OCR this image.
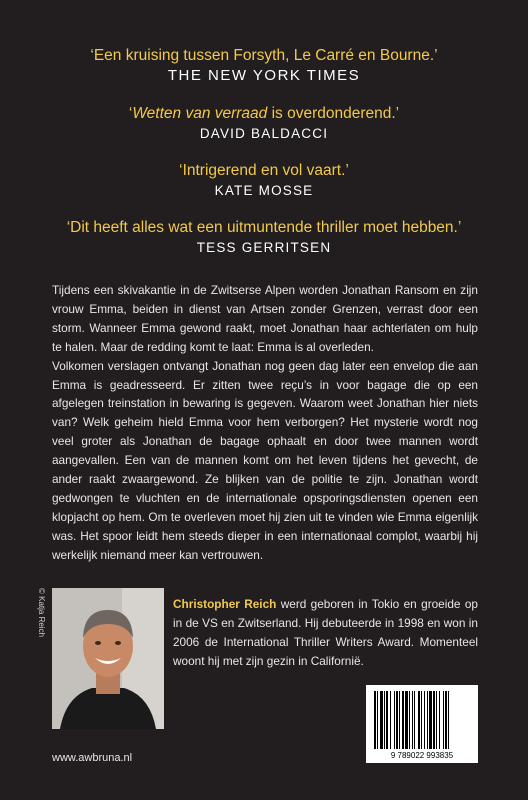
‘Een kruising tussen Forsyth, Le Carré en Bourne.’
THE NEW YORK TIMES
‘Wetten van verraad is overdonderend.’
DAVID BALDACCI
‘Intrigerend en vol vaart.’
KATE MOSSE
‘Dit heeft alles wat een uitmuntende thriller moet hebben.’
TESS GERRITSEN

Tijdens een skivakantie in de Zwitserse Alpen worden Jonathan Ransom en zijn vrouw Emma, beiden in dienst van Artsen zonder Grenzen, verrast door een storm. Wanneer Emma gewond raakt, moet Jonathan haar achterlaten om hulp te halen. Maar de redding komt te laat: Emma is al overleden.

Volkomen verslagen ontvangt Jonathan nog geen dag later een envelop die aan Emma is geadresseerd. Er zitten twee reçu’s in voor bagage die op een afgelegen treinstation in bewaring is gegeven. Waarom weet Jonathan hier niets van? Welk geheim hield Emma voor hem verborgen? Het mysterie wordt nog veel groter als Jonathan de bagage ophaalt en door twee mannen wordt aangevallen. Een van de mannen komt om het leven tijdens het gevecht, de ander raakt zwaargewond. Ze blijken van de politie te zijn. Jonathan wordt gedwongen te vluchten en de internationale opsporingsdiensten openen een klopjacht op hem. Om te overleven moet hij zien uit te vinden wie Emma eigenlijk was. Het spoor leidt hem steeds dieper in een internationaal complot, waarbij hij werkelijk niemand meer kan vertrouwen.

© Katja Reich	Christopher Reich werd geboren in Tokio en groeide op in de VS en Zwitserland. Hij debuteerde in 1998 en won in 2006 de International Thriller Writers Award. Momenteel woont hij met zijn gezin in Californië.
9 789022 993835
www.awbruna.nl
